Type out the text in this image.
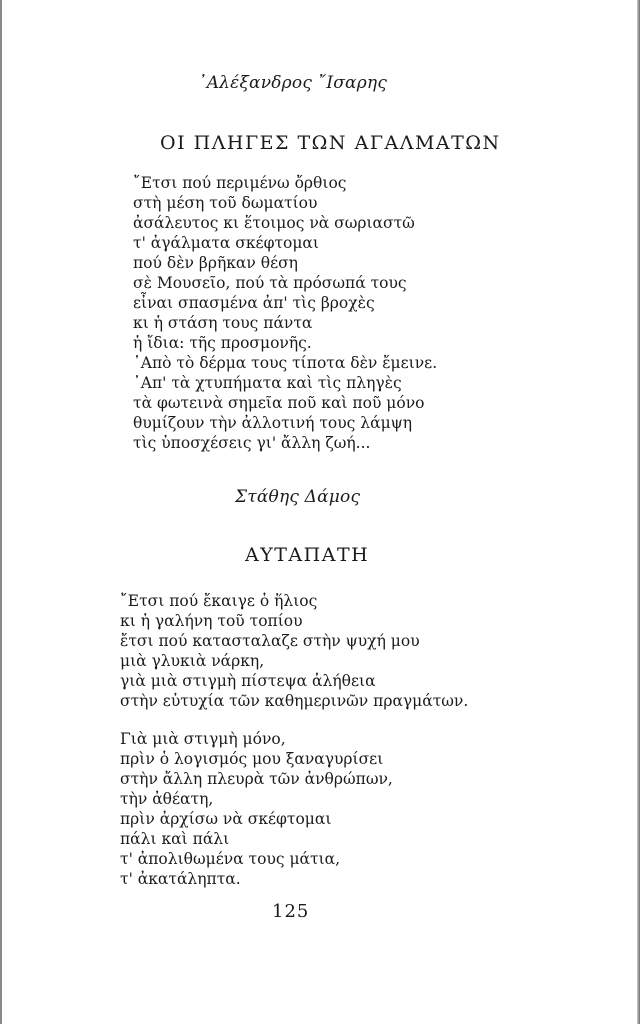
᾿Αλέξανδρος ῎Ισαρης
ΟΙ ΠΛΗΓΕΣ ΤΩΝ ΑΓΑΛΜΑΤΩΝ
῎Ετσι πού περιμένω ὄρθιος
στὴ μέση τοῦ δωματίου
ἀσάλευτος κι ἕτοιμος νὰ σωριαστῶ
τ' ἀγάλματα σκέφτομαι
πού δὲν βρῆκαν θέση
σὲ Μουσεῖο, πού τὰ πρόσωπά τους
εἶναι σπασμένα ἀπ' τὶς βροχὲς
κι ἡ στάση τους πάντα
ἡ ἴδια: τῆς προσμονῆς.
᾿Απὸ τὸ δέρμα τους τίποτα δὲν ἔμεινε.
᾿Απ' τὰ χτυπήματα καὶ τὶς πληγὲς
τὰ φωτεινὰ σημεῖα ποῦ καὶ ποῦ μόνο
θυμίζουν τὴν ἀλλοτινή τους λάμψη
τὶς ὑποσχέσεις γι' ἄλλη ζωή...
Στάθης Δάμος
ΑΥΤΑΠΑΤΗ
῎Ετσι πού ἔκαιγε ὁ ἥλιος
κι ἡ γαλήνη τοῦ τοπίου
ἔτσι πού κατασταλαζε στὴν ψυχή μου
μιὰ γλυκιὰ νάρκη,
γιὰ μιὰ στιγμὴ πίστεψα ἀλήθεια
στὴν εὐτυχία τῶν καθημερινῶν πραγμάτων.
Γιὰ μιὰ στιγμὴ μόνο,
πρὶν ὁ λογισμός μου ξαναγυρίσει
στὴν ἄλλη πλευρὰ τῶν ἀνθρώπων,
τὴν ἀθέατη,
πρὶν ἀρχίσω νὰ σκέφτομαι
πάλι καὶ πάλι
τ' ἀπολιθωμένα τους μάτια,
τ' ἀκατάληπτα.
125
